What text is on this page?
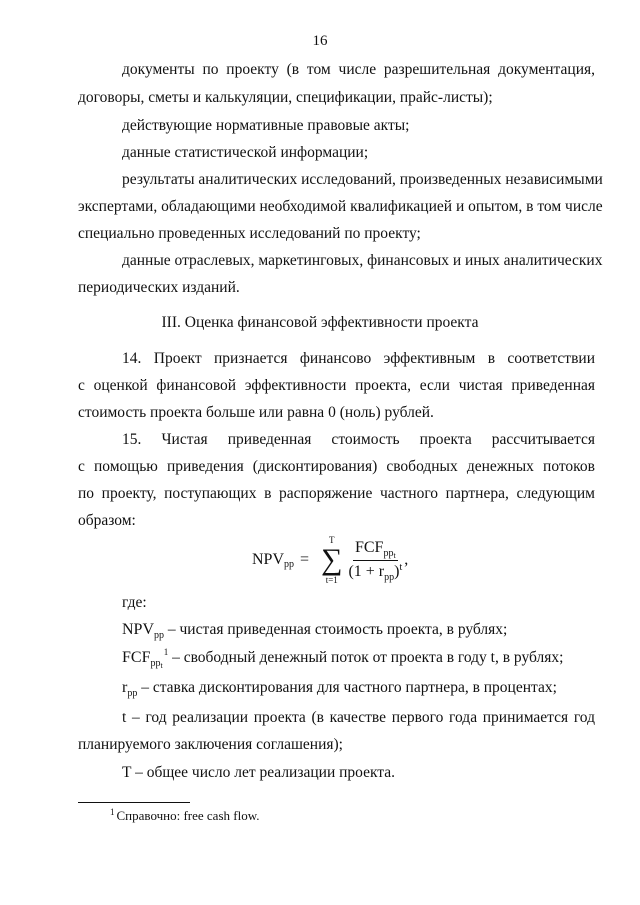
16
документы по проекту (в том числе разрешительная документация,
договоры, сметы и калькуляции, спецификации, прайс-листы);
действующие нормативные правовые акты;
данные статистической информации;
результаты аналитических исследований, произведенных независимыми
экспертами, обладающими необходимой квалификацией и опытом, в том числе
специально проведенных исследований по проекту;
данные отраслевых, маркетинговых, финансовых и иных аналитических
периодических изданий.
III. Оценка финансовой эффективности проекта
14. Проект признается финансово эффективным в соответствии
с оценкой финансовой эффективности проекта, если чистая приведенная
стоимость проекта больше или равна 0 (ноль) рублей.
15. Чистая приведенная стоимость проекта рассчитывается
с помощью приведения (дисконтирования) свободных денежных потоков
по проекту, поступающих в распоряжение частного партнера, следующим
образом:
NPV pp =
T
∑
$t=1 \frac{FCF_{ppt}}{(1 + r_{pp})^t}$ ,
где:
$NPV_{pp}$ – чистая приведенная стоимость проекта, в рублях;
$FCF_{ppt}^1$ – свободный денежный поток от проекта в году t, в рублях;
$r_{pp}$ – ставка дисконтирования для частного партнера, в процентах;
t – год реализации проекта (в качестве первого года принимается год
планируемого заключения соглашения);
T – общее число лет реализации проекта.
$^1$ Справочно: free cash flow.
